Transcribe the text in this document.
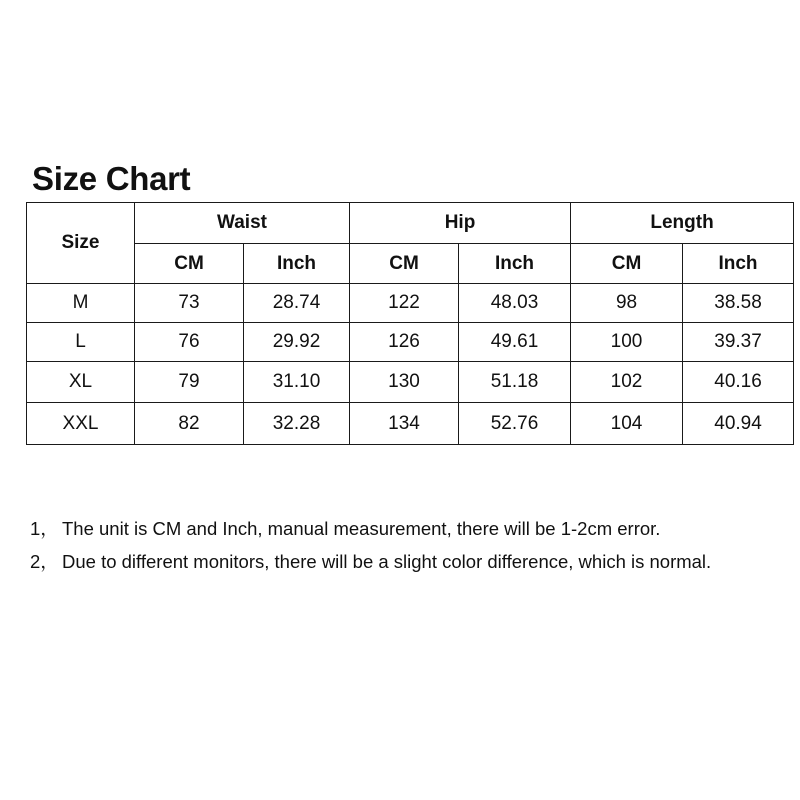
Size Chart
Size	Waist		Hip		Length	
	CM	Inch	CM	Inch	CM	Inch
M	73	28.74	122	48.03	98	38.58
L	76	29.92	126	49.61	100	39.37
XL	79	31.10	130	51.18	102	40.16
XXL	82	32.28	134	52.76	104	40.94
1， The unit is CM and Inch, manual measurement, there will be 1-2cm error.
2， Due to different monitors, there will be a slight color difference, which is normal.
